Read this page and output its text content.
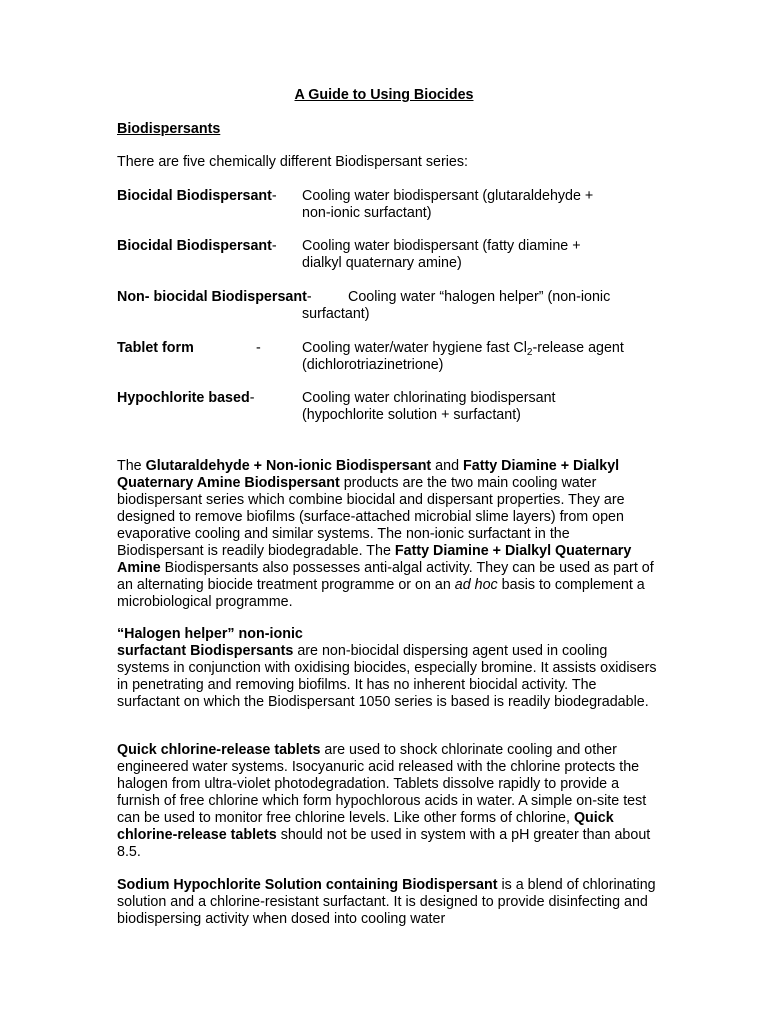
A Guide to Using Biocides
Biodispersants
There are five chemically different Biodispersant series:
Biocidal Biodispersant- Cooling water biodispersant (glutaraldehyde +
non-ionic surfactant)
Biocidal Biodispersant- Cooling water biodispersant (fatty diamine +
dialkyl quaternary amine)
Non- biocidal Biodispersant-	Cooling water “halogen helper” (non-ionic
surfactant)
Tablet form	-	Cooling water/water hygiene fast $Cl_2$-release agent
(dichlorotriazinetrione)
Hypochlorite based-	Cooling water chlorinating biodispersant
(hypochlorite solution + surfactant)
The Glutaraldehyde + Non-ionic Biodispersant and Fatty Diamine + Dialkyl Quaternary Amine Biodispersant products are the two main cooling water biodispersant series which combine biocidal and dispersant properties. They are designed to remove biofilms (surface-attached microbial slime layers) from open evaporative cooling and similar systems. The non-ionic surfactant in the Biodispersant is readily biodegradable. The Fatty Diamine + Dialkyl Quaternary Amine Biodispersants also possesses anti-algal activity. They can be used as part of an alternating biocide treatment programme or on an ad hoc basis to complement a microbiological programme.
“Halogen helper” non-ionic
surfactant Biodispersants are non-biocidal dispersing agent used in cooling systems in conjunction with oxidising biocides, especially bromine. It assists oxidisers in penetrating and removing biofilms. It has no inherent biocidal activity. The surfactant on which the Biodispersant 1050 series is based is readily biodegradable.
Quick chlorine-release tablets are used to shock chlorinate cooling and other engineered water systems. Isocyanuric acid released with the chlorine protects the halogen from ultra-violet photodegradation. Tablets dissolve rapidly to provide a furnish of free chlorine which form hypochlorous acids in water. A simple on-site test can be used to monitor free chlorine levels. Like other forms of chlorine, Quick chlorine-release tablets should not be used in system with a pH greater than about 8.5.
Sodium Hypochlorite Solution containing Biodispersant is a blend of chlorinating solution and a chlorine-resistant surfactant. It is designed to provide disinfecting and biodispersing activity when dosed into cooling water
